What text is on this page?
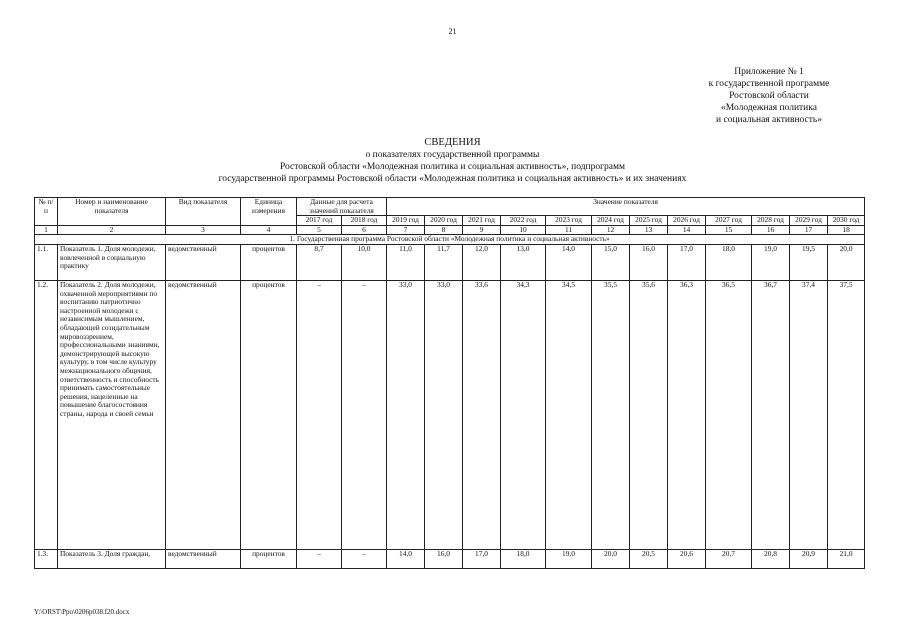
21
Приложение № 1
к государственной программе
Ростовской области
«Молодежная политика
и социальная активность»
СВЕДЕНИЯ
о показателях государственной программы
Ростовской области «Молодежная политика и социальная активность», подпрограмм
государственной программы Ростовской области «Молодежная политика и социальная активность» и их значениях
№ п/п	Номер и наименование показателя	Вид показателя	Единица измерения	Данные для расчета значений показателя		Значение показателя											
				2017 год	2018 год	2019 год	2020 год	2021 год	2022 год	2023 год	2024 год	2025 год	2026 год	2027 год	2028 год	2029 год	2030 год
1	2	3	4	5	6	7	8	9	10	11	12	13	14	15	16	17	18
1. Государственная программа Ростовской области «Молодежная политика и социальная активность»																	
1.1.	Показатель 1. Доля молодежи, вовлеченной в социальную практику	ведомственный	процентов	8,7	10,0	11,0	11,7	12,0	13,0	14,0	15,0	16,0	17,0	18,0	19,0	19,5	20,0
1.2.	Показатель 2. Доля молодежи, охваченной мероприятиями по воспитанию патриотично настроенной молодежи с независимым мышлением, обладающей созидательным мировоззрением, профессиональными знаниями, демонстрирующей высокую культуру, в том числе культуру межнационального общения, ответственность и способность принимать самостоятельные решения, нацеленные на повышение благосостояния страны, народа и своей семьи	ведомственный	процентов	–	–	33,0	33,0	33,6	34,3	34,5	35,5	35,6	36,3	36,5	36,7	37,4	37,5
1.3.	Показатель 3. Доля граждан,	ведомственный	процентов	–	–	14,0	16,0	17,0	18,0	19,0	20,0	20,5	20,6	20,7	20,8	20,9	21,0
Y:\ORST\Ppo\0206p038.f20.docx
